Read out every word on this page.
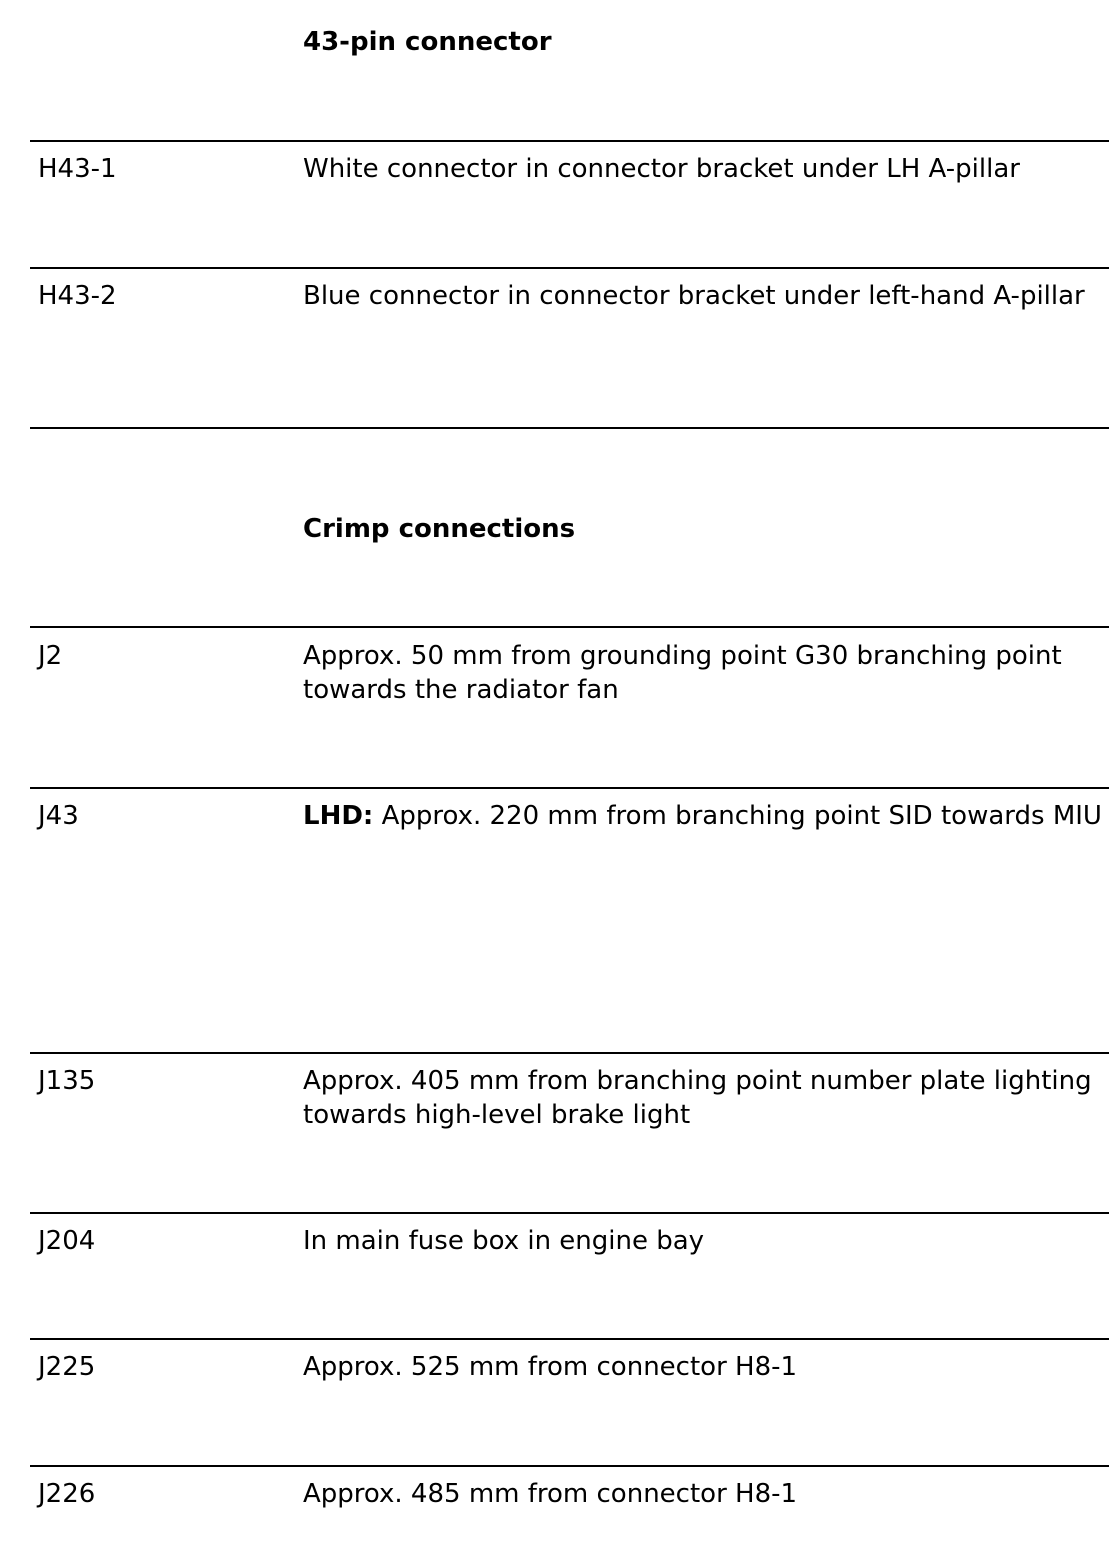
43-pin connector
H43-1	White connector in connector bracket under LH A-pillar
H43-2	Blue connector in connector bracket under left-hand A-pillar
Crimp connections
J2	Approx. 50 mm from grounding point G30 branching point towards the radiator fan
J43	LHD: Approx. 220 mm from branching point SID towards MIU
J135	Approx. 405 mm from branching point number plate lighting towards high-level brake light
J204	In main fuse box in engine bay
J225	Approx. 525 mm from connector H8-1
J226	Approx. 485 mm from connector H8-1
